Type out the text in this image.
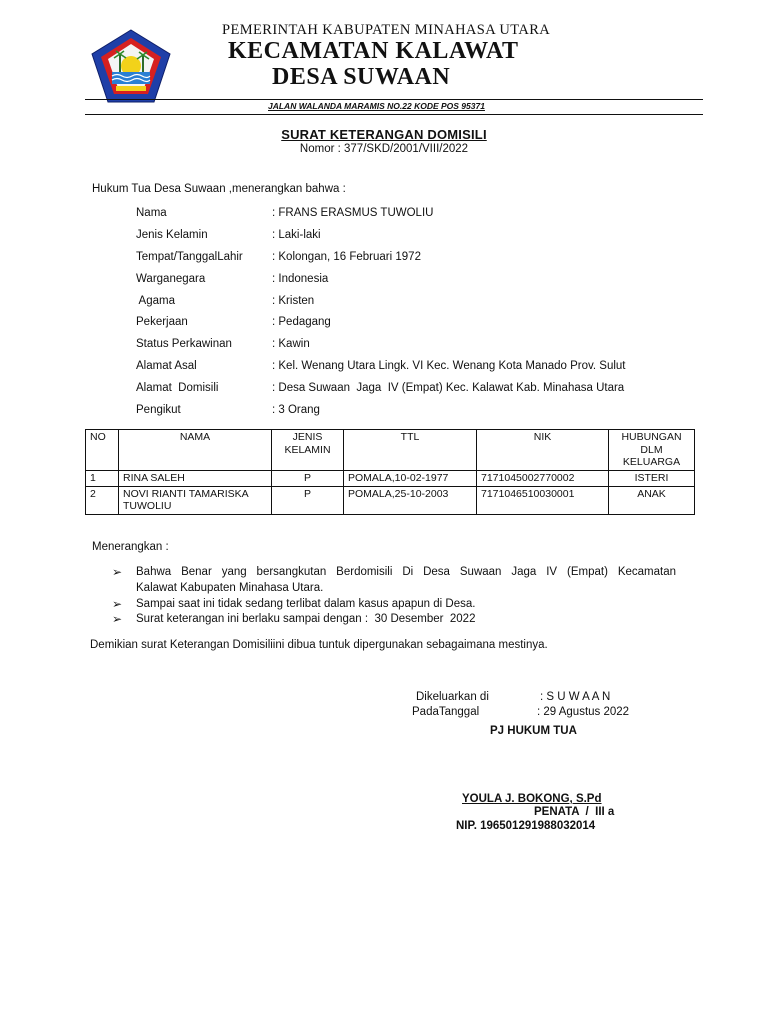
PEMERINTAH KABUPATEN MINAHASA UTARA
KECAMATAN KALAWAT
DESA SUWAAN
JALAN WALANDA MARAMIS NO.22 KODE POS 95371
SURAT KETERANGAN DOMISILI
Nomor : 377/SKD/2001/VIII/2022
Hukum Tua Desa Suwaan ,menerangkan bahwa :
Nama	: FRANS ERASMUS TUWOLIU
Jenis Kelamin	: Laki-laki
Tempat/TanggalLahir	: Kolongan, 16 Februari 1972
Warganegara	: Indonesia
Agama	: Kristen
Pekerjaan	: Pedagang
Status Perkawinan	: Kawin
Alamat Asal	: Kel. Wenang Utara Lingk. VI Kec. Wenang Kota Manado Prov. Sulut
Alamat  Domisili	: Desa Suwaan  Jaga  IV (Empat) Kec. Kalawat Kab. Minahasa Utara
Pengikut	: 3 Orang
NO	NAMA	JENIS KELAMIN	TTL	NIK	HUBUNGAN DLM KELUARGA
1	RINA SALEH	P	POMALA,10-02-1977	7171045002770002	ISTERI
2	NOVI RIANTI TAMARISKA TUWOLIU	P	POMALA,25-10-2003	7171046510030001	ANAK
Menerangkan :
➢ Bahwa Benar yang bersangkutan Berdomisili Di Desa Suwaan Jaga IV (Empat) Kecamatan
Kalawat Kabupaten Minahasa Utara.
➢ Sampai saat ini tidak sedang terlibat dalam kasus apapun di Desa.
➢ Surat keterangan ini berlaku sampai dengan :  30 Desember  2022
Demikian surat Keterangan Domisiliini dibua tuntuk dipergunakan sebagaimana mestinya.
Dikeluarkan di	: S U W A A N
PadaTanggal	: 29 Agustus 2022
PJ HUKUM TUA
YOULA J. BOKONG, S.Pd
PENATA  /  III a
NIP. 196501291988032014
